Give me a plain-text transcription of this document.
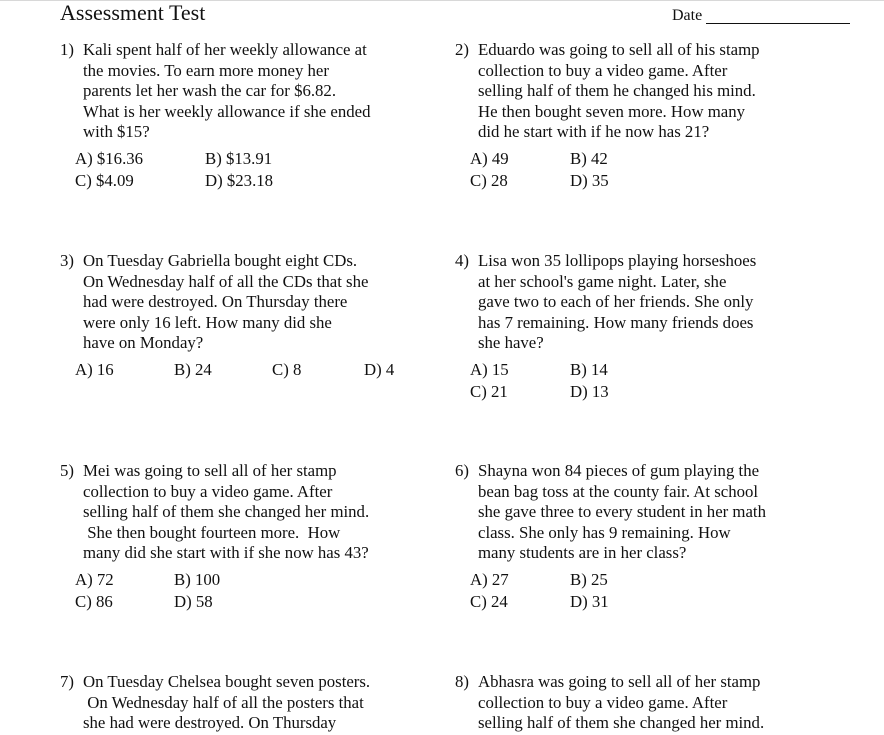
Assessment Test	Date
1) Kali spent half of her weekly allowance at
the movies. To earn more money her
parents let her wash the car for $6.82.
What is her weekly allowance if she ended
with $15?
A) $16.36	B) $13.91
C) $4.09	D) $23.18
2) Eduardo was going to sell all of his stamp
collection to buy a video game. After
selling half of them he changed his mind.
He then bought seven more. How many
did he start with if he now has 21?
A) 49	B) 42
C) 28	D) 35
3) On Tuesday Gabriella bought eight CDs.
On Wednesday half of all the CDs that she
had were destroyed. On Thursday there
were only 16 left. How many did she
have on Monday?
A) 16	B) 24	C) 8	D) 4
4) Lisa won 35 lollipops playing horseshoes
at her school's game night. Later, she
gave two to each of her friends. She only
has 7 remaining. How many friends does
she have?
A) 15	B) 14
C) 21	D) 13
5) Mei was going to sell all of her stamp
collection to buy a video game. After
selling half of them she changed her mind.
She then bought fourteen more.  How
many did she start with if she now has 43?
A) 72	B) 100
C) 86	D) 58
6) Shayna won 84 pieces of gum playing the
bean bag toss at the county fair. At school
she gave three to every student in her math
class. She only has 9 remaining. How
many students are in her class?
A) 27	B) 25
C) 24	D) 31
7) On Tuesday Chelsea bought seven posters.
On Wednesday half of all the posters that
she had were destroyed. On Thursday
8) Abhasra was going to sell all of her stamp
collection to buy a video game. After
selling half of them she changed her mind.
